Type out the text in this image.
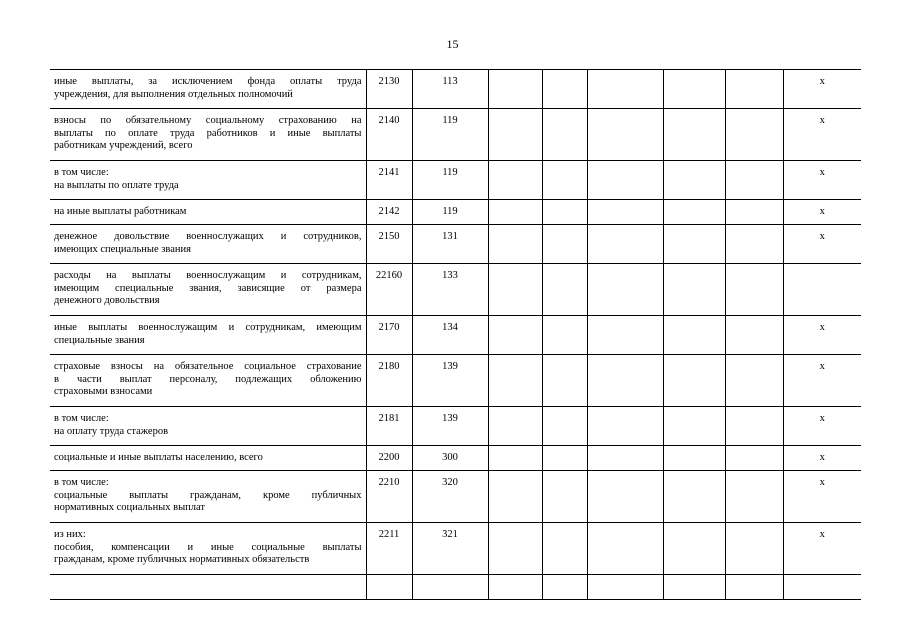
15
иные выплаты, за исключением фонда оплаты труда
учреждения, для выполнения отдельных полномочий	2130	113						х

взносы по обязательному социальному страхованию на
выплаты по оплате труда работников и иные выплаты
работникам учреждений, всего	2140	119						х

в том числе:
на выплаты по оплате труда	2141	119						х

на иные выплаты работникам	2142	119						х

денежное довольствие военнослужащих и сотрудников,
имеющих специальные звания	2150	131						х

расходы на выплаты военнослужащим и сотрудникам,
имеющим специальные звания, зависящие от размера
денежного довольствия	22160	133						

иные выплаты военнослужащим и сотрудникам, имеющим
специальные звания	2170	134						х

страховые взносы на обязательное социальное страхование
в части выплат персоналу, подлежащих обложению
страховыми взносами	2180	139						х

в том числе:
на оплату труда стажеров	2181	139						х

социальные и иные выплаты населению, всего	2200	300						х

в том числе:
социальные выплаты гражданам, кроме публичных
нормативных социальных выплат	2210	320						х

из них:
пособия, компенсации и иные социальные выплаты
гражданам, кроме публичных нормативных обязательств	2211	321						х
